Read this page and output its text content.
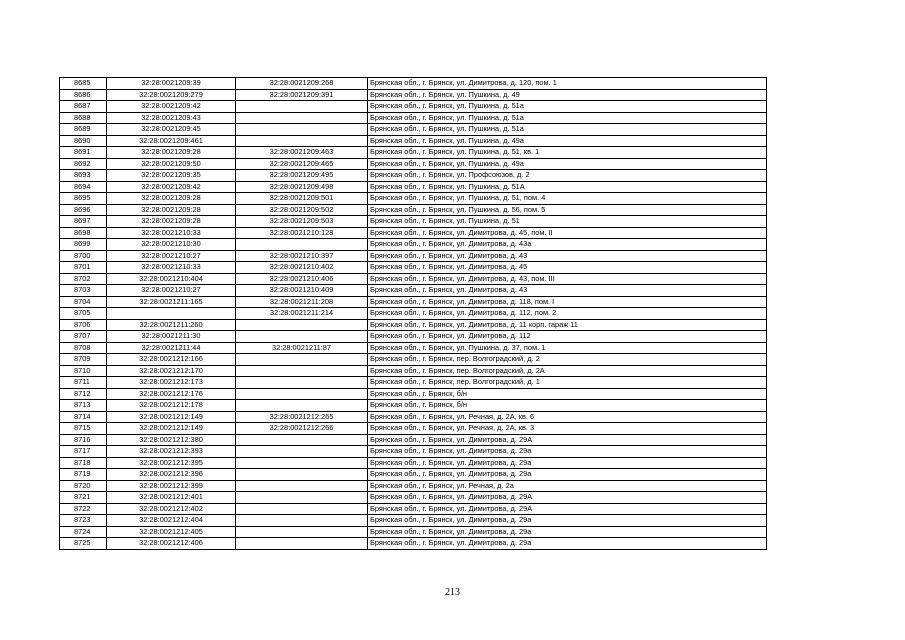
8685	32:28:0021209:39	32:28:0021209:268	Брянская обл., г. Брянск, ул. Димитрова, д. 120, пом. 1
8686	32:28:0021209:279	32:28:0021209:391	Брянская обл., г. Брянск, ул. Пушкина, д. 49
8687	32:28:0021209:42		Брянская обл., г. Брянск, ул. Пушкина, д. 51а
8688	32:28:0021209:43		Брянская обл., г. Брянск, ул. Пушкина, д. 51а
8689	32:28:0021209:45		Брянская обл., г. Брянск, ул. Пушкина, д. 51а
8690	32:28:0021209:461		Брянская обл., г. Брянск, ул. Пушкина, д. 49а
8691	32:28:0021209:28	32:28:0021209:463	Брянская обл., г. Брянск, ул. Пушкина, д. 51, кв. 1
8692	32:28:0021209:50	32:28:0021209:465	Брянская обл., г. Брянск, ул. Пушкина, д. 49а
8693	32:28:0021209:35	32:28:0021209:495	Брянская обл., г. Брянск, ул. Профсоюзов, д. 2
8694	32:28:0021209:42	32:28:0021209:498	Брянская обл., г. Брянск, ул. Пушкина, д. 51А
8695	32:28:0021209:28	32:28:0021209:501	Брянская обл., г. Брянск, ул. Пушкина, д. 51, пом. 4
8696	32:28:0021209:28	32:28:0021209:502	Брянская обл., г. Брянск, ул. Пушкина, д. 56, пом. 5
8697	32:28:0021209:28	32:28:0021209:503	Брянская обл., г. Брянск, ул. Пушкина, д. 51
8698	32:28:0021210:33	32:28:0021210:128	Брянская обл., г. Брянск, ул. Димитрова, д. 45, пом. II
8699	32:28:0021210:30		Брянская обл., г. Брянск, ул. Димитрова, д. 43а
8700	32:28:0021210:27	32:28:0021210:397	Брянская обл., г. Брянск, ул. Димитрова, д. 43
8701	32:28:0021210:33	32:28:0021210:402	Брянская обл., г. Брянск, ул. Димитрова, д. 45
8702	32:28:0021210:404	32:28:0021210:406	Брянская обл., г. Брянск, ул. Димитрова, д. 43, пом. III
8703	32:28:0021210:27	32:28:0021210:409	Брянская обл., г. Брянск, ул. Димитрова, д. 43
8704	32:28:0021211:165	32:28:0021211:208	Брянская обл., г. Брянск, ул. Димитрова, д. 118, пом. I
8705		32:28:0021211:214	Брянская обл., г. Брянск, ул. Димитрова, д. 112, пом. 2
8706	32:28:0021211:260		Брянская обл., г. Брянск, ул. Димитрова, д. 11 корп. гараж 11
8707	32:28:0021211:30		Брянская обл., г. Брянск, ул. Димитрова, д. 112
8708	32:28:0021211:44	32:28:0021211:87	Брянская обл., г. Брянск, ул. Пушкина, д. 37, пом. 1
8709	32:28:0021212:166		Брянская обл., г. Брянск, пер. Волгоградский, д. 2
8710	32:28:0021212:170		Брянская обл., г. Брянск, пер. Волгоградский, д. 2А
8711	32:28:0021212:173		Брянская обл., г. Брянск, пер. Волгоградский, д. 1
8712	32:28:0021212:176		Брянская обл., г. Брянск, б/н
8713	32:28:0021212:178		Брянская обл., г. Брянск, б/н
8714	32:28:0021212:149	32:28:0021212:265	Брянская обл., г. Брянск, ул. Речная, д. 2А, кв. 6
8715	32:28:0021212:149	32:28:0021212:266	Брянская обл., г. Брянск, ул. Речная, д. 2А, кв. 3
8716	32:28:0021212:380		Брянская обл., г. Брянск, ул. Димитрова, д. 29А
8717	32:28:0021212:393		Брянская обл., г. Брянск, ул. Димитрова, д. 29а
8718	32:28:0021212:395		Брянская обл., г. Брянск, ул. Димитрова, д. 29а
8719	32:28:0021212:396		Брянская обл., г. Брянск, ул. Димитрова, д. 29а
8720	32:28:0021212:399		Брянская обл., г. Брянск, ул. Речная, д. 2а
8721	32:28:0021212:401		Брянская обл., г. Брянск, ул. Димитрова, д. 29А
8722	32:28:0021212:402		Брянская обл., г. Брянск, ул. Димитрова, д. 29А
8723	32:28:0021212:404		Брянская обл., г. Брянск, ул. Димитрова, д. 29а
8724	32:28:0021212:405		Брянская обл., г. Брянск, ул. Димитрова, д. 29а
8725	32:28:0021212:406		Брянская обл., г. Брянск, ул. Димитрова, д. 29а
213
